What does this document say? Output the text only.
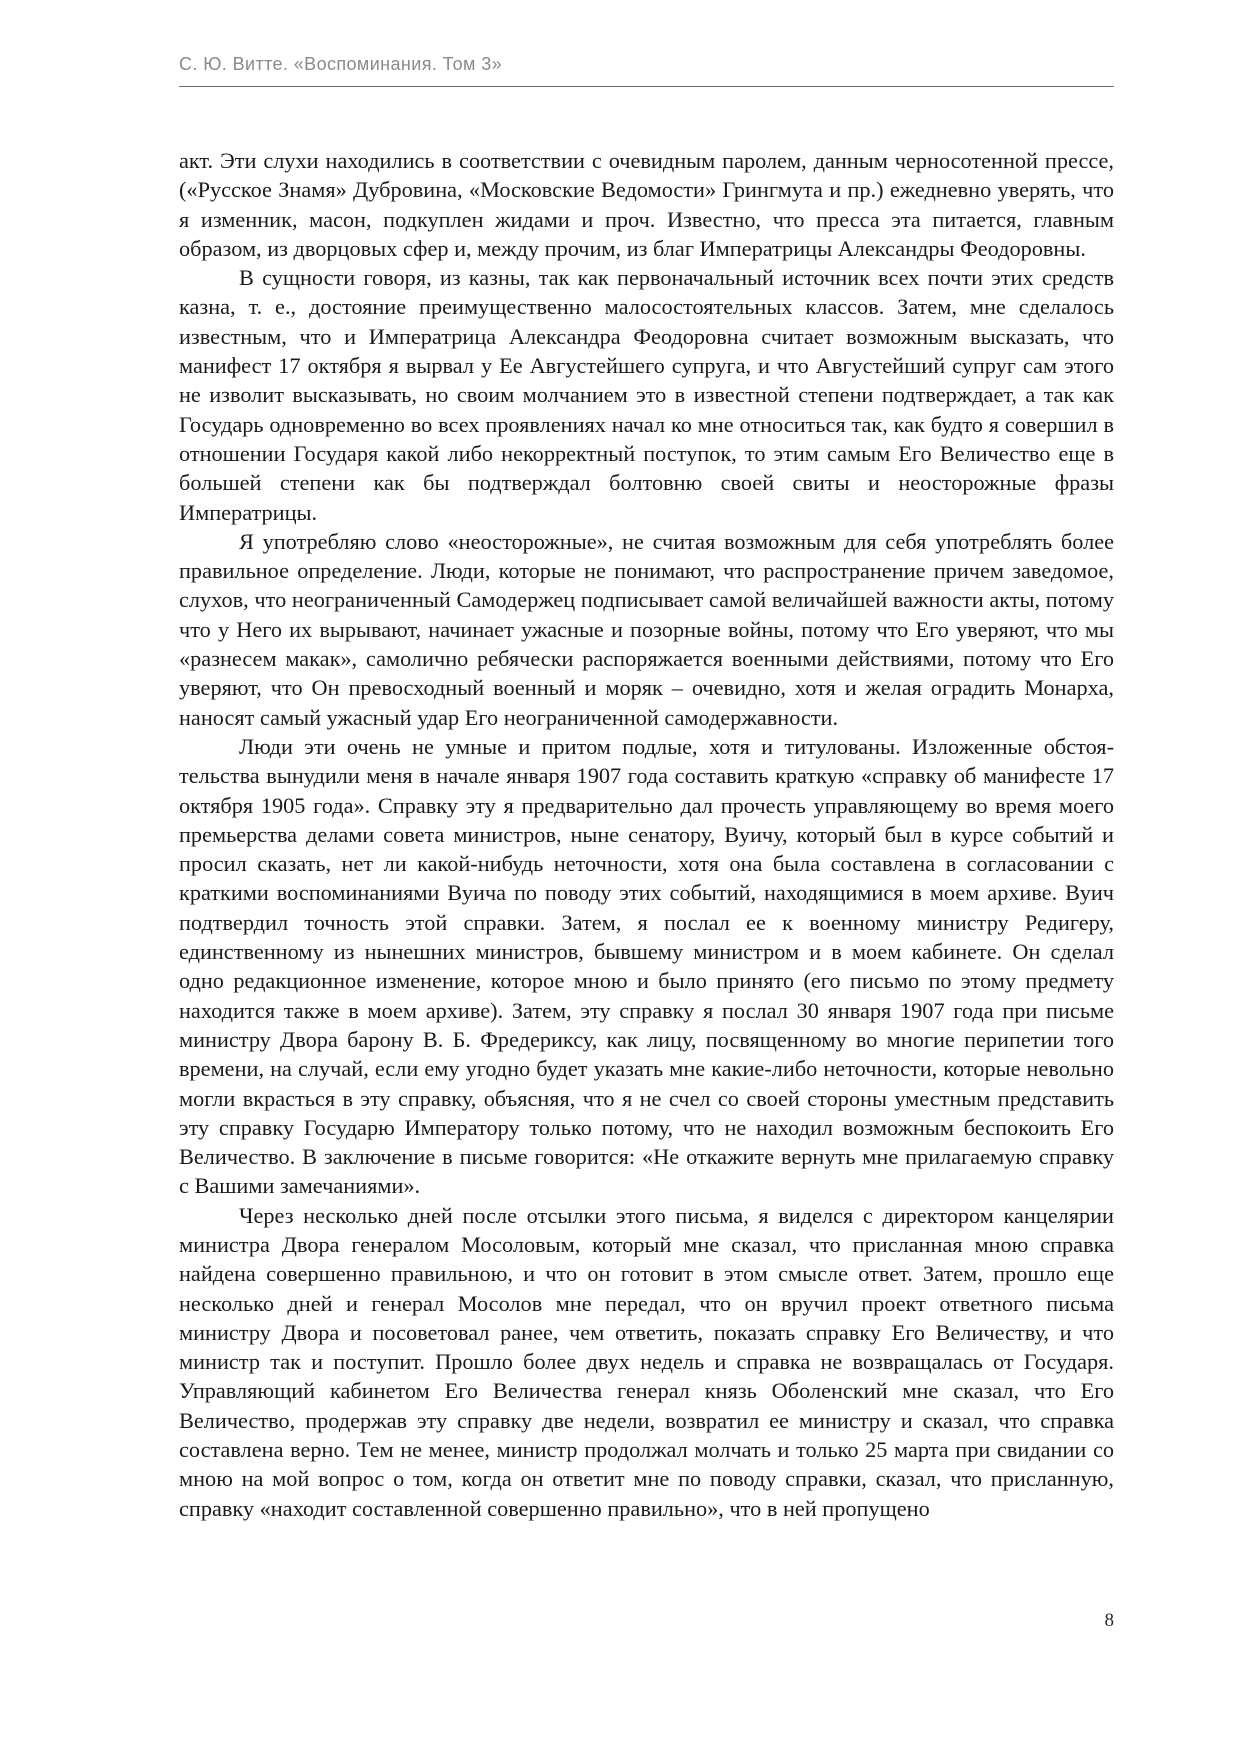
С. Ю. Витте. «Воспоминания. Том 3»

акт. Эти слухи находились в соответствии с очевидным паролем, данным черносотенной прессе, («Русское Знамя» Дубровина, «Московские Ведомости» Грингмута и пр.) ежедневно уверять, что я изменник, масон, подкуплен жидами и проч. Известно, что пресса эта питается, главным образом, из дворцовых сфер и, между прочим, из благ Императрицы Александры Феодоровны.

В сущности говоря, из казны, так как первоначальный источник всех почти этих средств казна, т. е., достояние преимущественно малосостоятельных классов. Затем, мне сделалось известным, что и Императрица Александра Феодоровна считает возможным высказать, что манифест 17 октября я вырвал у Ее Августейшего супруга, и что Августейший супруг сам этого не изволит высказывать, но своим молчанием это в известной степени подтверждает, а так как Государь одновременно во всех проявлениях начал ко мне относиться так, как будто я совершил в отношении Государя какой либо некорректный поступок, то этим самым Его Величество еще в большей степени как бы подтверждал болтовню своей свиты и неосторожные фразы Императрицы.

Я употребляю слово «неосторожные», не считая возможным для себя употреблять более правильное определение. Люди, которые не понимают, что распространение причем заведомое, слухов, что неограниченный Самодержец подписывает самой величайшей важности акты, потому что у Него их вырывают, начинает ужасные и позорные войны, потому что Его уверяют, что мы «разнесем макак», самолично ребячески распоряжается военными действиями, потому что Его уверяют, что Он превосходный военный и моряк – очевидно, хотя и желая оградить Монарха, наносят самый ужасный удар Его неограниченной самодержавности.

Люди эти очень не умные и притом подлые, хотя и титулованы. Изложенные обстоятельства вынудили меня в начале января 1907 года составить краткую «справку об манифесте 17 октября 1905 года». Справку эту я предварительно дал прочесть управляющему во время моего премьерства делами совета министров, ныне сенатору, Вуичу, который был в курсе событий и просил сказать, нет ли какой-нибудь неточности, хотя она была составлена в согласовании с краткими воспоминаниями Вуича по поводу этих событий, находящимися в моем архиве. Вуич подтвердил точность этой справки. Затем, я послал ее к военному министру Редигеру, единственному из нынешних министров, бывшему министром и в моем кабинете. Он сделал одно редакционное изменение, которое мною и было принято (его письмо по этому предмету находится также в моем архиве). Затем, эту справку я послал 30 января 1907 года при письме министру Двора барону В. Б. Фредериксу, как лицу, посвященному во многие перипетии того времени, на случай, если ему угодно будет указать мне какие-либо неточности, которые невольно могли вкрасться в эту справку, объясняя, что я не счел со своей стороны уместным представить эту справку Государю Императору только потому, что не находил возможным беспокоить Его Величество. В заключение в письме говорится: «Не откажите вернуть мне прилагаемую справку с Вашими замечаниями».

Через несколько дней после отсылки этого письма, я виделся с директором канцелярии министра Двора генералом Мосоловым, который мне сказал, что присланная мною справка найдена совершенно правильною, и что он готовит в этом смысле ответ. Затем, прошло еще несколько дней и генерал Мосолов мне передал, что он вручил проект ответного письма министру Двора и посоветовал ранее, чем ответить, показать справку Его Величеству, и что министр так и поступит. Прошло более двух недель и справка не возвращалась от Государя. Управляющий кабинетом Его Величества генерал князь Оболенский мне сказал, что Его Величество, продержав эту справку две недели, возвратил ее министру и сказал, что справка составлена верно. Тем не менее, министр продолжал молчать и только 25 марта при свидании со мною на мой вопрос о том, когда он ответит мне по поводу справки, сказал, что присланную, справку «находит составленной совершенно правильно», что в ней пропущено

8
